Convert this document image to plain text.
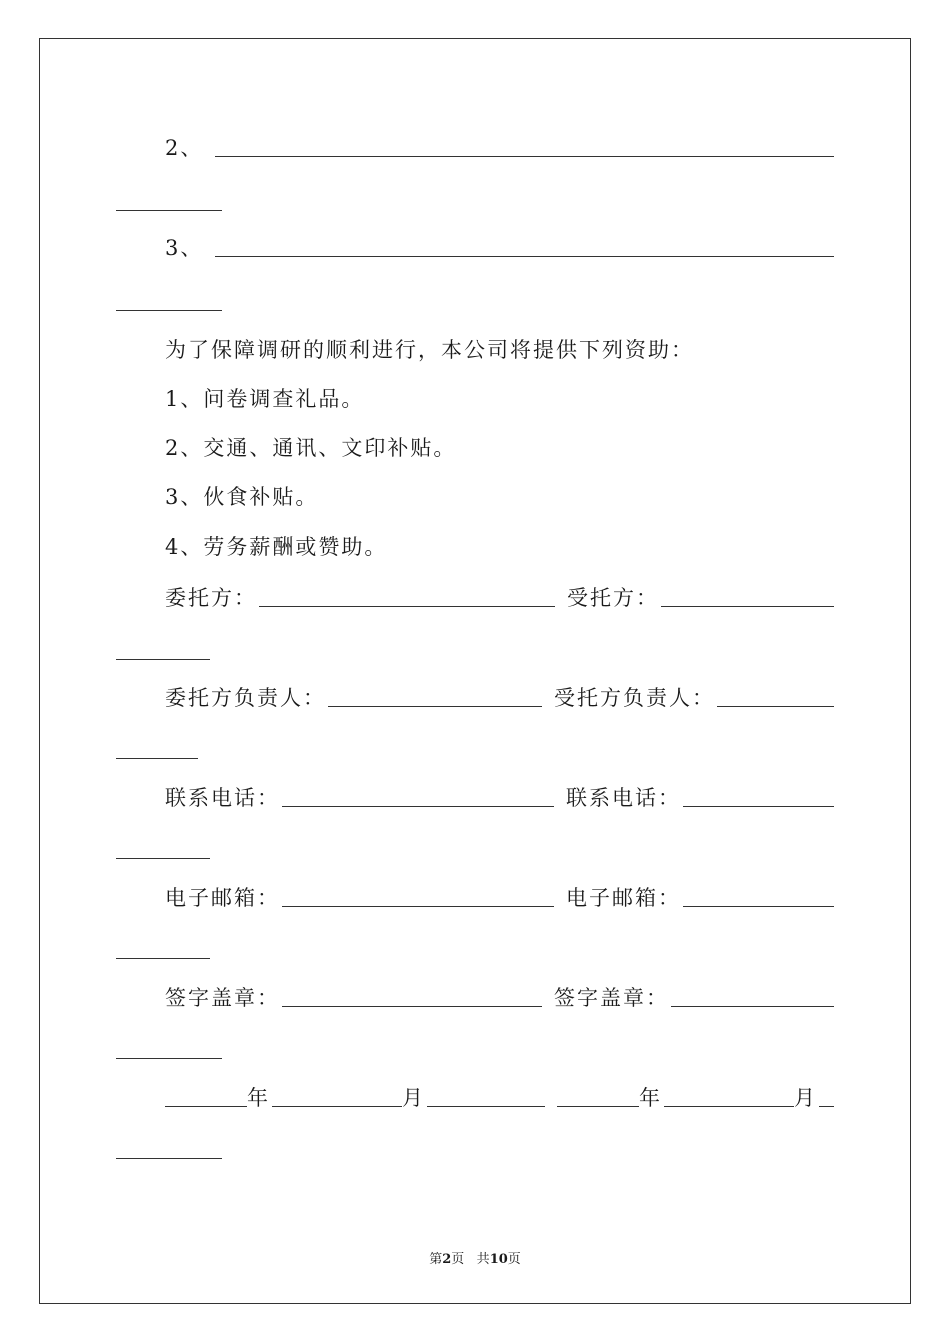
2、
3、
为了保障调研的顺利进行，本公司将提供下列资助：
1、问卷调查礼品。
2、交通、通讯、文印补贴。
3、伙食补贴。
4、劳务薪酬或赞助。
委托方：	受托方：
委托方负责人：	受托方负责人：
联系电话：	联系电话：
电子邮箱：	电子邮箱：
签字盖章：	签字盖章：
年	月	年	月
第2页 共10页
